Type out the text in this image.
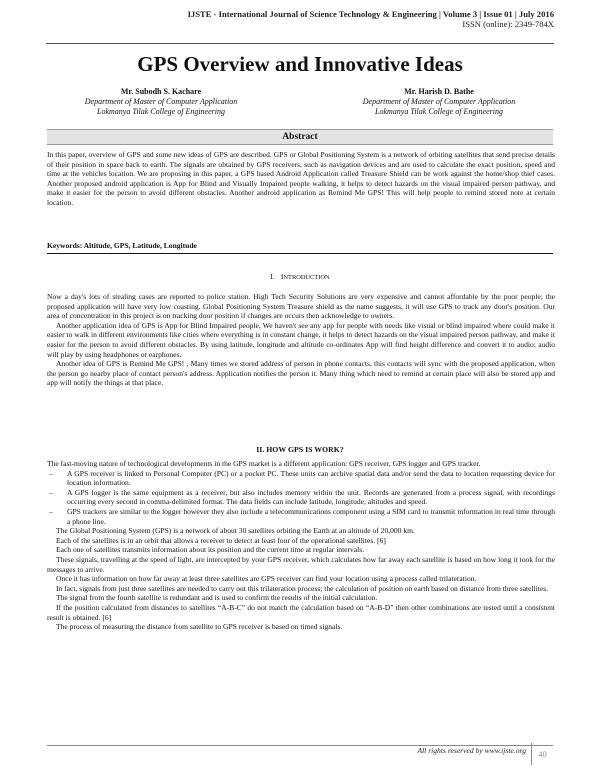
IJSTE - International Journal of Science Technology & Engineering | Volume 3 | Issue 01 | July 2016
ISSN (online): 2349-784X
GPS Overview and Innovative Ideas
Mr. Subodh S. Kachare
Department of Master of Computer Application
Lokmanya Tilak College of Engineering
Mr. Harish D. Bathe
Department of Master of Computer Application
Lokmanya Tilak College of Engineering
Abstract
In this paper, overview of GPS and some new ideas of GPS are described. GPS or Global Positioning System is a network of orbiting satellites that send precise details of their position in space back to earth. The signals are obtained by GPS receivers, such as navigation devices and are used to calculate the exact position, speed and time at the vehicles location. We are proposing in this paper, a GPS based Android Application called Treasure Shield can be work against the home/shop thief cases. Another proposed android application is App for Blind and Visually Impaired people walking, it helps to detect hazards on the visual impaired person pathway, and make it easier for the person to avoid different obstacles. Another android application as Remind Me GPS! This will help people to remind stored note at certain location.
Keywords: Altitude, GPS, Latitude, Longitude
I. INTRODUCTION

Now a day's lots of stealing cases are reported to police station. High Tech Security Solutions are very expensive and cannot affordable by the poor people; the proposed application will have very low coasting. Global Positioning System Treasure shield as the name suggests, it will use GPS to track any door's position. Our area of concentration in this project is on tracking door position if changes are occurs then acknowledge to owners.

Another application idea of GPS is App for Blind Impaired people, We haven't see any app for people with needs like visual or blind impaired where could make it easier to walk in different environments like cities where everything is in constant change, it helps to detect hazards on the visual impaired person pathway, and make it easier for the person to avoid different obstacles. By using latitude, longitude and altitude co-ordinates App will find height difference and convert it to audio; audio will play by using headphones or earphones.

Another idea of GPS is Remind Me GPS! , Many times we stored address of person in phone contacts, this contacts will sync with the proposed application, when the person go nearby place of contact person's address. Application notifies the person it. Many thing which need to remind at certain place will also be stored app and app will notify the things at that place.

II. HOW GPS IS WORK?

The fast-moving nature of technological developments in the GPS market is a different application: GPS receiver, GPS logger and GPS tracker.

–	A GPS receiver is linked to Personal Computer (PC) or a pocket PC. These units can archive spatial data and/or send the data to location requesting device for location information.
–	A GPS logger is the same equipment as a receiver, but also includes memory within the unit. Records are generated from a process signal, with recordings occurring every second in comma-delimited format. The data fields can include latitude, longitude, altitudes and speed.
–	GPS trackers are similar to the logger however they also include a telecommunications component using a SIM card to transmit information in real time through a phone line.

The Global Positioning System (GPS) is a network of about 30 satellites orbiting the Earth at an altitude of 20,000 km.

Each of the satellites is in an orbit that allows a receiver to detect at least four of the operational satellites. [6]

Each one of satellites transmits information about its position and the current time at regular intervals.

These signals, travelling at the speed of light, are intercepted by your GPS receiver, which calculates how far away each satellite is based on how long it took for the messages to arrive.

Once it has information on how far away at least three satellites are GPS receiver can find your location using a process called trilateration.

In fact, signals from just three satellites are needed to carry out this trilateration process; the calculation of position on earth based on distance from three satellites.

The signal from the fourth satellite is redundant and is used to confirm the results of the initial calculation.

If the position calculated from distances to satellites “A-B-C” do not match the calculation based on “A-B-D” then other combinations are tested until a consistent result is obtained. [6]

The process of measuring the distance from satellite to GPS receiver is based on timed signals.

All rights reserved by www.ijste.org	40
